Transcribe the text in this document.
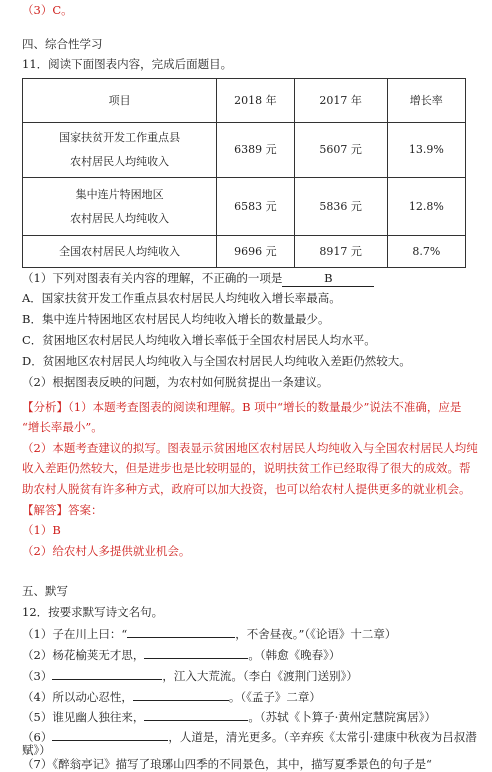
（3）C。
四、综合性学习
11．阅读下面图表内容，完成后面题目。
项目	2018 年	2017 年	增长率
国家扶贫开发工作重点县
农村居民人均纯收入	6389 元	5607 元	13.9%
集中连片特困地区
农村居民人均纯收入	6583 元	5836 元	12.8%
全国农村居民人均纯收入	9696 元	8917 元	8.7%
（1）下列对图表有关内容的理解，不正确的一项是	B
A．国家扶贫开发工作重点县农村居民人均纯收入增长率最高。
B．集中连片特困地区农村居民人均纯收入增长的数量最少。
C．贫困地区农村居民人均纯收入增长率低于全国农村居民人均水平。
D．贫困地区农村居民人均纯收入与全国农村居民人均纯收入差距仍然较大。
（2）根据图表反映的问题，为农村如何脱贫提出一条建议。
【分析】（1）本题考查图表的阅读和理解。B 项中“增长的数量最少”说法不准确，应是
“增长率最小”。
（2）本题考查建议的拟写。图表显示贫困地区农村居民人均纯收入与全国农村居民人均纯
收入差距仍然较大，但是进步也是比较明显的，说明扶贫工作已经取得了很大的成效。帮
助农村人脱贫有许多种方式，政府可以加大投资，也可以给农村人提供更多的就业机会。
【解答】答案：
（1）B
（2）给农村人多提供就业机会。
五、默写
12．按要求默写诗文名句。
（1）子在川上曰：“	，不舍昼夜。”（《论语》十二章）
（2）杨花榆荚无才思，	。（韩愈《晚春》）
（3）	，江入大荒流。（李白《渡荆门送别》）
（4）所以动心忍性，	。（《孟子》二章）
（5）谁见幽人独往来，	。（苏轼《卜算子·黄州定慧院寓居》）
（6）	，人道是，清光更多。（辛弃疾《太常引·建康中秋夜为吕叔潜
赋》）
（7）《醉翁亭记》描写了琅琊山四季的不同景色，其中，描写夏季景色的句子是“
